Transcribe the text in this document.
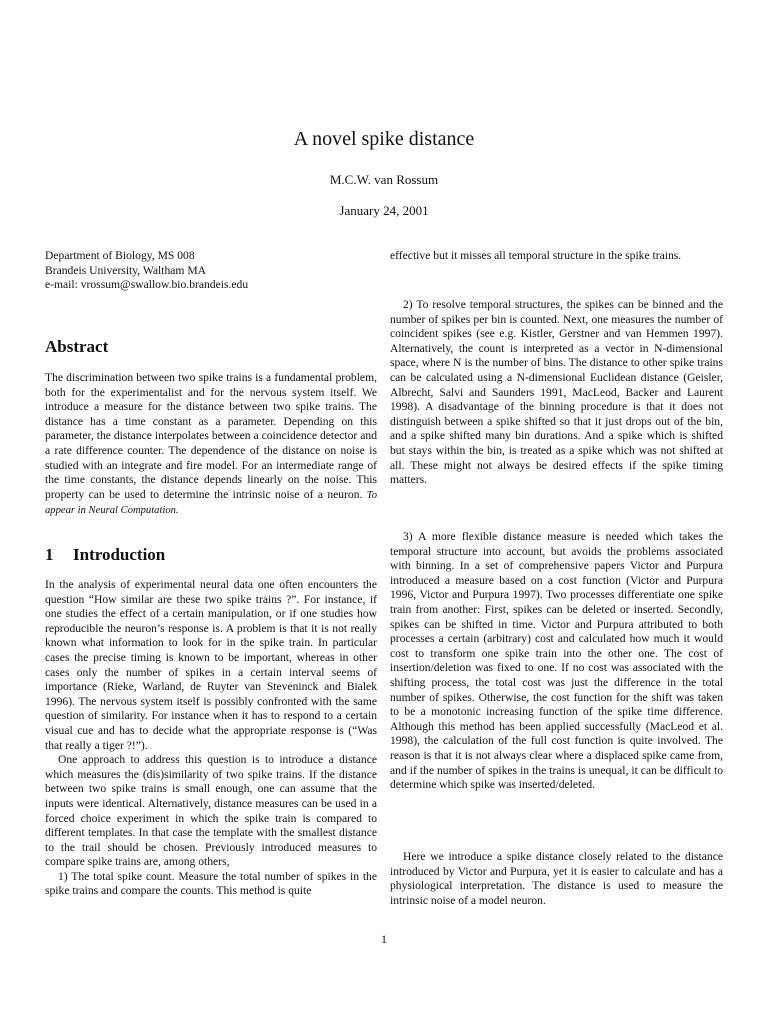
A novel spike distance
M.C.W. van Rossum
January 24, 2001
Department of Biology, MS 008
Brandeis University, Waltham MA
e-mail: vrossum@swallow.bio.brandeis.edu
Abstract

The discrimination between two spike trains is a fundamental problem, both for the experimentalist and for the nervous system itself. We introduce a measure for the distance between two spike trains. The distance has a time constant as a parameter. Depending on this parameter, the distance interpolates between a coincidence detector and a rate difference counter. The dependence of the distance on noise is studied with an integrate and fire model. For an intermediate range of the time constants, the distance depends linearly on the noise. This property can be used to determine the intrinsic noise of a neuron. To appear in Neural Computation.

1 Introduction

In the analysis of experimental neural data one often encounters the question “How similar are these two spike trains ?”. For instance, if one studies the effect of a certain manipulation, or if one studies how reproducible the neuron’s response is. A problem is that it is not really known what information to look for in the spike train. In particular cases the precise timing is known to be important, whereas in other cases only the number of spikes in a certain interval seems of importance (Rieke, Warland, de Ruyter van Steveninck and Bialek 1996). The nervous system itself is possibly confronted with the same question of similarity. For instance when it has to respond to a certain visual cue and has to decide what the appropriate response is (“Was that really a tiger ?!”).

One approach to address this question is to introduce a distance which measures the (dis)similarity of two spike trains. If the distance between two spike trains is small enough, one can assume that the inputs were identical. Alternatively, distance measures can be used in a forced choice experiment in which the spike train is compared to different templates. In that case the template with the smallest distance to the trail should be chosen. Previously introduced measures to compare spike trains are, among others,

1) The total spike count. Measure the total number of spikes in the spike trains and compare the counts. This method is quite

effective but it misses all temporal structure in the spike trains.

2) To resolve temporal structures, the spikes can be binned and the number of spikes per bin is counted. Next, one measures the number of coincident spikes (see e.g. Kistler, Gerstner and van Hemmen 1997). Alternatively, the count is interpreted as a vector in N-dimensional space, where N is the number of bins. The distance to other spike trains can be calculated using a N-dimensional Euclidean distance (Geisler, Albrecht, Salvi and Saunders 1991, MacLeod, Backer and Laurent 1998). A disadvantage of the binning procedure is that it does not distinguish between a spike shifted so that it just drops out of the bin, and a spike shifted many bin durations. And a spike which is shifted but stays within the bin, is treated as a spike which was not shifted at all. These might not always be desired effects if the spike timing matters.

3) A more flexible distance measure is needed which takes the temporal structure into account, but avoids the problems associated with binning. In a set of comprehensive papers Victor and Purpura introduced a measure based on a cost function (Victor and Purpura 1996, Victor and Purpura 1997). Two processes differentiate one spike train from another: First, spikes can be deleted or inserted. Secondly, spikes can be shifted in time. Victor and Purpura attributed to both processes a certain (arbitrary) cost and calculated how much it would cost to transform one spike train into the other one. The cost of insertion/deletion was fixed to one. If no cost was associated with the shifting process, the total cost was just the difference in the total number of spikes. Otherwise, the cost function for the shift was taken to be a monotonic increasing function of the spike time difference. Although this method has been applied successfully (MacLeod et al. 1998), the calculation of the full cost function is quite involved. The reason is that it is not always clear where a displaced spike came from, and if the number of spikes in the trains is unequal, it can be difficult to determine which spike was inserted/deleted.

Here we introduce a spike distance closely related to the distance introduced by Victor and Purpura, yet it is easier to calculate and has a physiological interpretation. The distance is used to measure the intrinsic noise of a model neuron.

1
